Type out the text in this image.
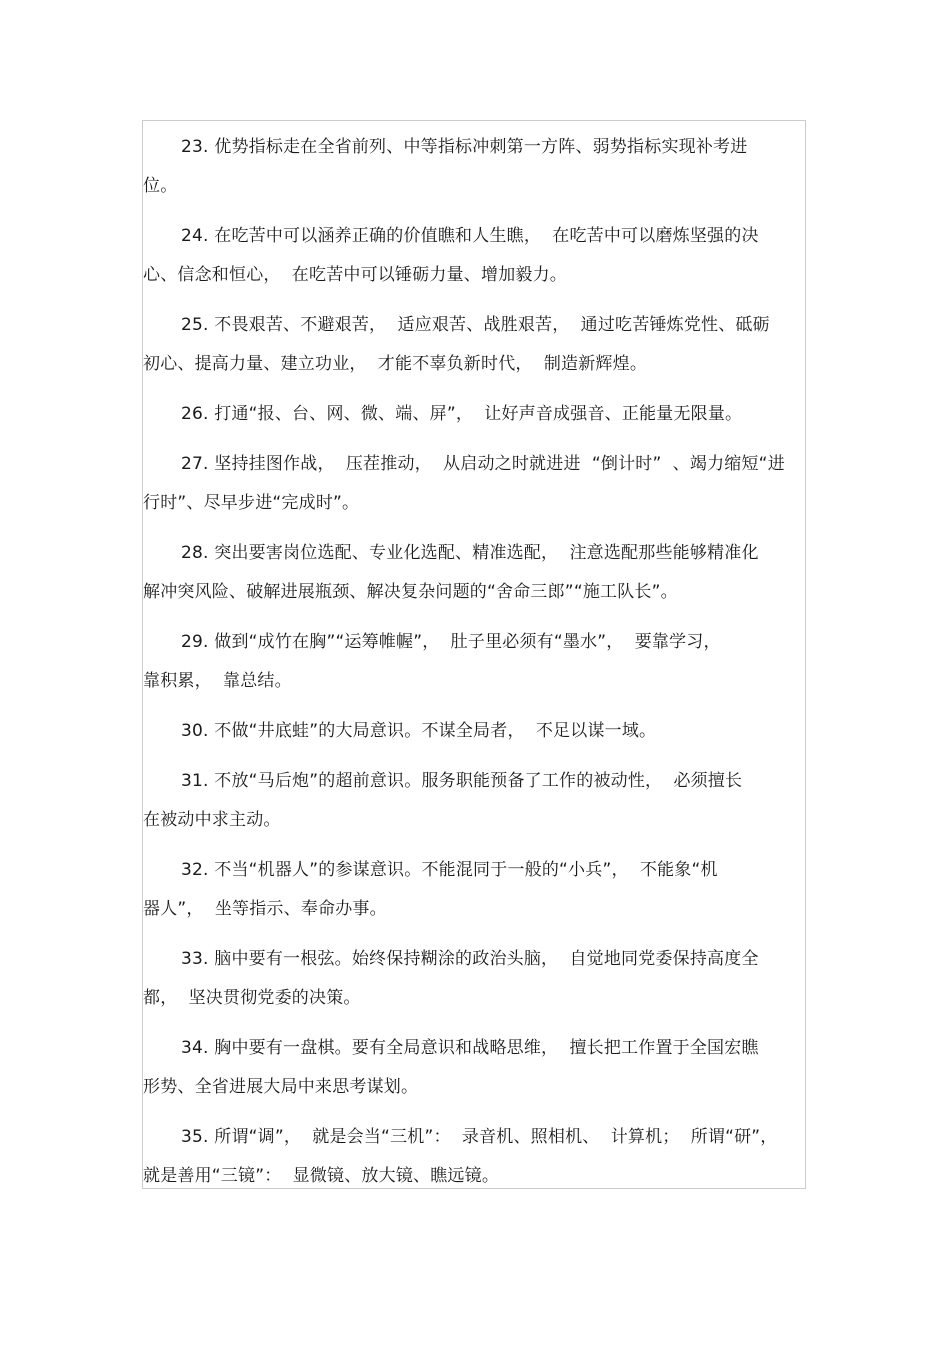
23. 优势指标走在全省前列、中等指标冲刺第一方阵、弱势指标实现补考进
位。

24. 在吃苦中可以涵养正确的价值瞧和人生瞧，  在吃苦中可以磨炼坚强的决
心、信念和恒心，  在吃苦中可以锤砺力量、增加毅力。

25. 不畏艰苦、不避艰苦，  适应艰苦、战胜艰苦，  通过吃苦锤炼党性、砥砺
初心、提高力量、建立功业，  才能不辜负新时代，  制造新辉煌。

26. 打通“报、台、网、微、端、屏”，  让好声音成强音、正能量无限量。

27. 坚持挂图作战，  压茬推动，  从启动之时就进进  “倒计时”  、竭力缩短“进
行时”、尽早步进“完成时”。

28. 突出要害岗位选配、专业化选配、精准选配，  注意选配那些能够精准化
解冲突风险、破解进展瓶颈、解决复杂问题的“舍命三郎”“施工队长”。

29. 做到“成竹在胸”“运筹帷幄”，  肚子里必须有“墨水”，  要靠学习，
靠积累，  靠总结。

30. 不做“井底蛙”的大局意识。不谋全局者，  不足以谋一域。

31. 不放“马后炮”的超前意识。服务职能预备了工作的被动性，  必须擅长
在被动中求主动。

32. 不当“机器人”的参谋意识。不能混同于一般的“小兵”，  不能象“机
器人”，  坐等指示、奉命办事。

33. 脑中要有一根弦。始终保持糊涂的政治头脑，  自觉地同党委保持高度全
都，  坚决贯彻党委的决策。

34. 胸中要有一盘棋。要有全局意识和战略思维，  擅长把工作置于全国宏瞧
形势、全省进展大局中来思考谋划。

35. 所谓“调”，  就是会当“三机”：  录音机、照相机、  计算机；  所谓“研”，
就是善用“三镜”：  显微镜、放大镜、瞧远镜。
